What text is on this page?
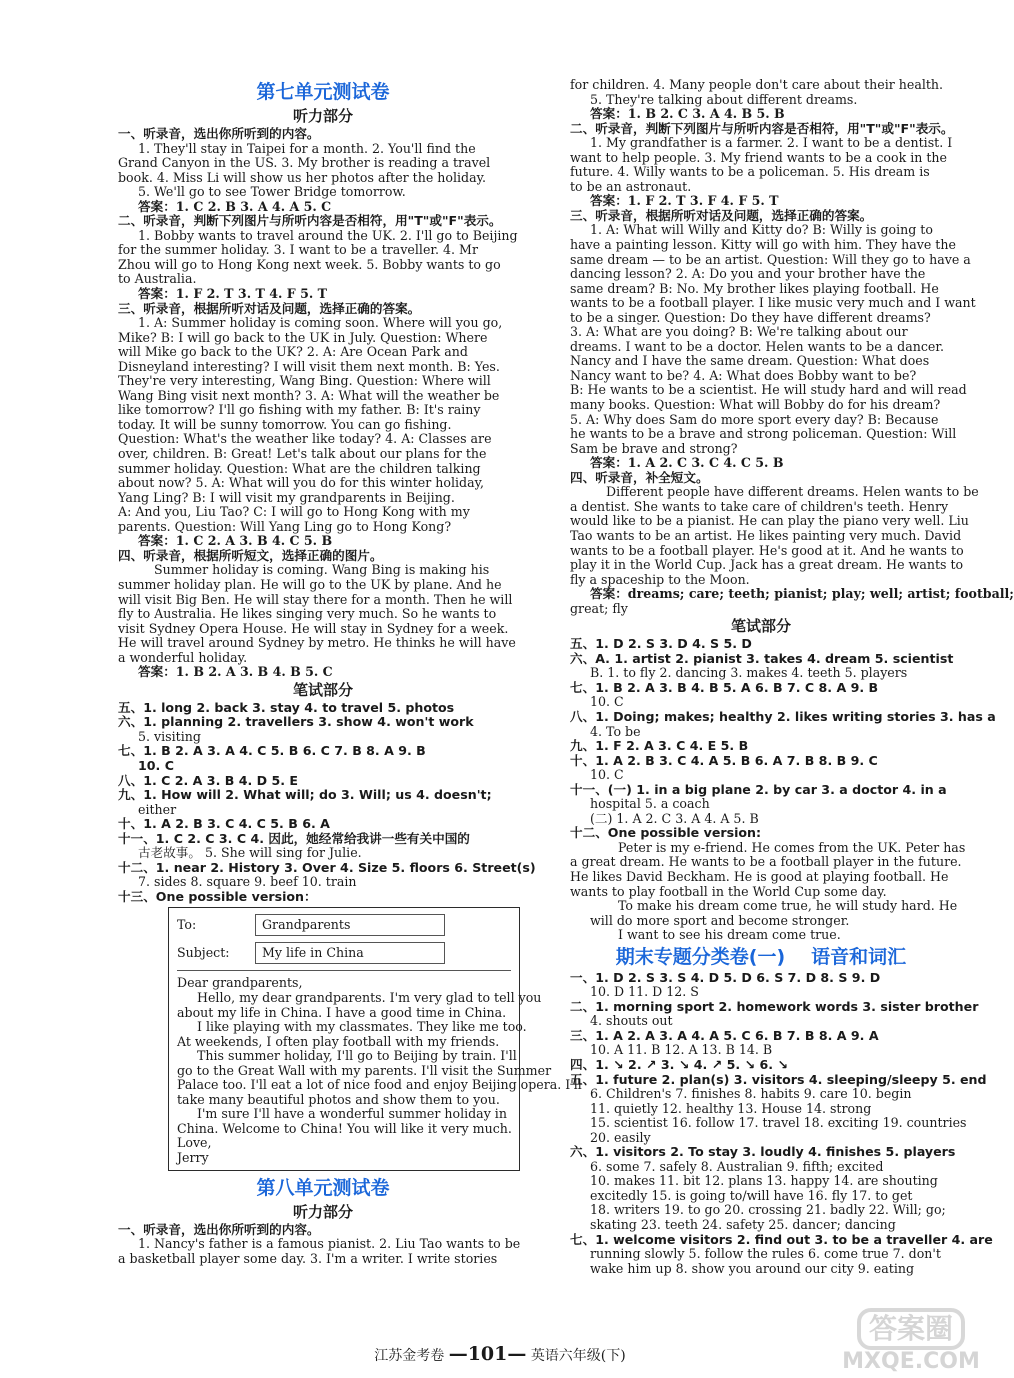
第七单元测试卷
听力部分
一、听录音，选出你所听到的内容。
1. They'll stay in Taipei for a month. 2. You'll find the
Grand Canyon in the US. 3. My brother is reading a travel
book. 4. Miss Li will show us her photos after the holiday.
5. We'll go to see Tower Bridge tomorrow.
答案：1. C 2. B 3. A 4. A 5. C
二、听录音，判断下列图片与所听内容是否相符，用"T"或"F"表示。
1. Bobby wants to travel around the UK. 2. I'll go to Beijing
for the summer holiday. 3. I want to be a traveller. 4. Mr
Zhou will go to Hong Kong next week. 5. Bobby wants to go
to Australia.
答案：1. F 2. T 3. T 4. F 5. T
三、听录音，根据所听对话及问题，选择正确的答案。
1. A: Summer holiday is coming soon. Where will you go,
Mike? B: I will go back to the UK in July. Question: Where
will Mike go back to the UK? 2. A: Are Ocean Park and
Disneyland interesting? I will visit them next month. B: Yes.
They're very interesting, Wang Bing. Question: Where will
Wang Bing visit next month? 3. A: What will the weather be
like tomorrow? I'll go fishing with my father. B: It's rainy
today. It will be sunny tomorrow. You can go fishing.
Question: What's the weather like today? 4. A: Classes are
over, children. B: Great! Let's talk about our plans for the
summer holiday. Question: What are the children talking
about now? 5. A: What will you do for this winter holiday,
Yang Ling? B: I will visit my grandparents in Beijing.
A: And you, Liu Tao? C: I will go to Hong Kong with my
parents. Question: Will Yang Ling go to Hong Kong?
答案：1. C 2. A 3. B 4. C 5. B
四、听录音，根据所听短文，选择正确的图片。
Summer holiday is coming. Wang Bing is making his
summer holiday plan. He will go to the UK by plane. And he
will visit Big Ben. He will stay there for a month. Then he will
fly to Australia. He likes singing very much. So he wants to
visit Sydney Opera House. He will stay in Sydney for a week.
He will travel around Sydney by metro. He thinks he will have
a wonderful holiday.
答案：1. B 2. A 3. B 4. B 5. C
笔试部分
五、1. long 2. back 3. stay 4. to travel 5. photos
六、1. planning 2. travellers 3. show 4. won't work
5. visiting
七、1. B 2. A 3. A 4. C 5. B 6. C 7. B 8. A 9. B
10. C
八、1. C 2. A 3. B 4. D 5. E
九、1. How will 2. What will; do 3. Will; us 4. doesn't;
either
十、1. A 2. B 3. C 4. C 5. B 6. A
十一、1. C 2. C 3. C 4. 因此，她经常给我讲一些有关中国的
古老故事。 5. She will sing for Julie.
十二、1. near 2. History 3. Over 4. Size 5. floors 6. Street(s)
7. sides 8. square 9. beef 10. train
十三、One possible version：
To:	Grandparents
Subject:	My life in China
Dear grandparents,
Hello, my dear grandparents. I'm very glad to tell you
about my life in China. I have a good time in China.
I like playing with my classmates. They like me too.
At weekends, I often play football with my friends.
This summer holiday, I'll go to Beijing by train. I'll
go to the Great Wall with my parents. I'll visit the Summer
Palace too. I'll eat a lot of nice food and enjoy Beijing opera. I'll
take many beautiful photos and show them to you.
I'm sure I'll have a wonderful summer holiday in
China. Welcome to China! You will like it very much.
Love,
Jerry
第八单元测试卷
听力部分
一、听录音，选出你所听到的内容。
1. Nancy's father is a famous pianist. 2. Liu Tao wants to be
a basketball player some day. 3. I'm a writer. I write stories
for children. 4. Many people don't care about their health.
5. They're talking about different dreams.
答案：1. B 2. C 3. A 4. B 5. B
二、听录音，判断下列图片与所听内容是否相符，用"T"或"F"表示。
1. My grandfather is a farmer. 2. I want to be a dentist. I
want to help people. 3. My friend wants to be a cook in the
future. 4. Willy wants to be a policeman. 5. His dream is
to be an astronaut.
答案：1. F 2. T 3. F 4. F 5. T
三、听录音，根据所听对话及问题，选择正确的答案。
1. A: What will Willy and Kitty do? B: Willy is going to
have a painting lesson. Kitty will go with him. They have the
same dream — to be an artist. Question: Will they go to have a
dancing lesson? 2. A: Do you and your brother have the
same dream? B: No. My brother likes playing football. He
wants to be a football player. I like music very much and I want
to be a singer. Question: Do they have different dreams?
3. A: What are you doing? B: We're talking about our
dreams. I want to be a doctor. Helen wants to be a dancer.
Nancy and I have the same dream. Question: What does
Nancy want to be? 4. A: What does Bobby want to be?
B: He wants to be a scientist. He will study hard and will read
many books. Question: What will Bobby do for his dream?
5. A: Why does Sam do more sport every day? B: Because
he wants to be a brave and strong policeman. Question: Will
Sam be brave and strong?
答案：1. A 2. C 3. C 4. C 5. B
四、听录音，补全短文。
Different people have different dreams. Helen wants to be
a dentist. She wants to take care of children's teeth. Henry
would like to be a pianist. He can play the piano very well. Liu
Tao wants to be an artist. He likes painting very much. David
wants to be a football player. He's good at it. And he wants to
play it in the World Cup. Jack has a great dream. He wants to
fly a spaceship to the Moon.
答案：dreams; care; teeth; pianist; play; well; artist; football;
great; fly
笔试部分
五、1. D 2. S 3. D 4. S 5. D
六、A. 1. artist 2. pianist 3. takes 4. dream 5. scientist
B. 1. to fly 2. dancing 3. makes 4. teeth 5. players
七、1. B 2. A 3. B 4. B 5. A 6. B 7. C 8. A 9. B
10. C
八、1. Doing; makes; healthy 2. likes writing stories 3. has a
4. To be
九、1. F 2. A 3. C 4. E 5. B
十、1. A 2. B 3. C 4. A 5. B 6. A 7. B 8. B 9. C
10. C
十一、(一) 1. in a big plane 2. by car 3. a doctor 4. in a
hospital 5. a coach
(二) 1. A 2. C 3. A 4. A 5. B
十二、One possible version:
Peter is my e-friend. He comes from the UK. Peter has
a great dream. He wants to be a football player in the future.
He likes David Beckham. He is good at playing football. He
wants to play football in the World Cup some day.
To make his dream come true, he will study hard. He
will do more sport and become stronger.
I want to see his dream come true.
期末专题分类卷(一) 语音和词汇
一、1. D 2. S 3. S 4. D 5. D 6. S 7. D 8. S 9. D
10. D 11. D 12. S
二、1. morning sport 2. homework words 3. sister brother
4. shouts out
三、1. A 2. A 3. A 4. A 5. C 6. B 7. B 8. A 9. A
10. A 11. B 12. A 13. B 14. B
四、1. ↘ 2. ↗ 3. ↘ 4. ↗ 5. ↘ 6. ↘
五、1. future 2. plan(s) 3. visitors 4. sleeping/sleepy 5. end
6. Children's 7. finishes 8. habits 9. care 10. begin
11. quietly 12. healthy 13. House 14. strong
15. scientist 16. follow 17. travel 18. exciting 19. countries
20. easily
六、1. visitors 2. To stay 3. loudly 4. finishes 5. players
6. some 7. safely 8. Australian 9. fifth; excited
10. makes 11. bit 12. plans 13. happy 14. are shouting
excitedly 15. is going to/will have 16. fly 17. to get
18. writers 19. to go 20. crossing 21. badly 22. Will; go;
skating 23. teeth 24. safety 25. dancer; dancing
七、1. welcome visitors 2. find out 3. to be a traveller 4. are
running slowly 5. follow the rules 6. come true 7. don't
wake him up 8. show you around our city 9. eating
江苏金考卷 —101— 英语六年级(下)
答案圈
MXQE.COM
